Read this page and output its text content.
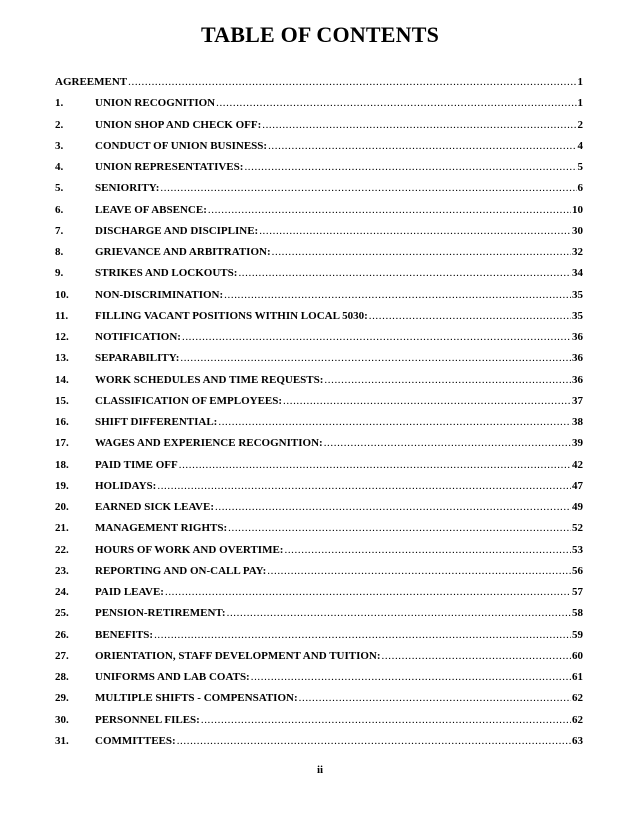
TABLE OF CONTENTS
AGREEMENT .....	1
1.	UNION RECOGNITION .....	1
2.	UNION SHOP AND CHECK OFF: .....	2
3.	CONDUCT OF UNION BUSINESS: .....	4
4.	UNION REPRESENTATIVES: .....	5
5.	SENIORITY: .....	6
6.	LEAVE OF ABSENCE: .....	10
7.	DISCHARGE AND DISCIPLINE: .....	30
8.	GRIEVANCE AND ARBITRATION: .....	32
9.	STRIKES AND LOCKOUTS: .....	34
10.	NON-DISCRIMINATION: .....	35
11.	FILLING VACANT POSITIONS WITHIN LOCAL 5030: .....	35
12.	NOTIFICATION: .....	36
13.	SEPARABILITY: .....	36
14.	WORK SCHEDULES AND TIME REQUESTS: .....	36
15.	CLASSIFICATION OF EMPLOYEES: .....	37
16.	SHIFT DIFFERENTIAL: .....	38
17.	WAGES AND EXPERIENCE RECOGNITION: .....	39
18.	PAID TIME OFF .....	42
19.	HOLIDAYS: .....	47
20.	EARNED SICK LEAVE: .....	49
21.	MANAGEMENT RIGHTS: .....	52
22.	HOURS OF WORK AND OVERTIME: .....	53
23.	REPORTING AND ON-CALL PAY: .....	56
24.	PAID LEAVE: .....	57
25.	PENSION-RETIREMENT: .....	58
26.	BENEFITS: .....	59
27.	ORIENTATION, STAFF DEVELOPMENT AND TUITION: .....	60
28.	UNIFORMS AND LAB COATS: .....	61
29.	MULTIPLE SHIFTS - COMPENSATION: .....	62
30.	PERSONNEL FILES: .....	62
31.	COMMITTEES: .....	63
ii
